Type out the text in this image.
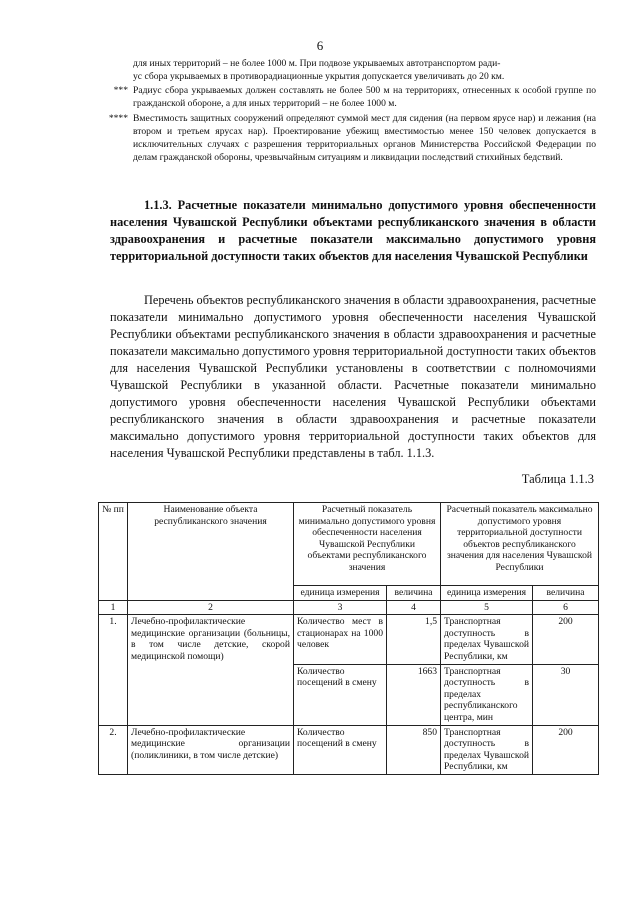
6
для иных территорий – не более 1000 м. При подвозе укрываемых автотранспортом ради-
ус сбора укрываемых в противорадиационные укрытия допускается увеличивать до 20 км.
*** Радиус сбора укрываемых должен составлять не более 500 м на территориях, отнесенных к особой группе по гражданской обороне, а для иных территорий – не более 1000 м.
**** Вместимость защитных сооружений определяют суммой мест для сидения (на первом ярусе нар) и лежания (на втором и третьем ярусах нар). Проектирование убежищ вместимостью менее 150 человек допускается в исключительных случаях с разрешения территориальных органов Министерства Российской Федерации по делам гражданской обороны, чрезвычайным ситуациям и ликвидации последствий стихийных бедствий.
1.1.3. Расчетные показатели минимально допустимого уровня обеспеченности населения Чувашской Республики объектами республиканского значения в области здравоохранения и расчетные показатели максимально допустимого уровня территориальной доступности таких объектов для населения Чувашской Республики
Перечень объектов республиканского значения в области здравоохранения, расчетные показатели минимально допустимого уровня обеспеченности населения Чувашской Республики объектами республиканского значения в области здравоохранения и расчетные показатели максимально допустимого уровня территориальной доступности таких объектов для населения Чувашской Республики установлены в соответствии с полномочиями Чувашской Республики в указанной области. Расчетные показатели минимально допустимого уровня обеспеченности населения Чувашской Республики объектами республиканского значения в области здравоохранения и расчетные показатели максимально допустимого уровня территориальной доступности таких объектов для населения Чувашской Республики представлены в табл. 1.1.3.
Таблица 1.1.3
№ пп	Наименование объекта республиканского значения	Расчетный показатель минимально допустимого уровня обеспеченности населения Чувашской Республики объектами республиканского значения		Расчетный показатель максимально допустимого уровня территориальной доступности объектов республиканского значения для населения Чувашской Республики	
		единица измерения	величина	единица измерения	величина
1	2	3	4	5	6
1.	Лечебно-профилактические медицинские организации (больницы, в том числе детские, скорой медицинской помощи)	Количество мест в стационарах на 1000 человек	1,5	Транспортная доступность в пределах Чувашской Республики, км	200
		Количество посещений в смену	1663	Транспортная доступность в пределах республиканского центра, мин	30
2.	Лечебно-профилактические медицинские организации (поликлиники, в том числе детские)	Количество посещений в смену	850	Транспортная доступность в пределах Чувашской Республики, км	200
